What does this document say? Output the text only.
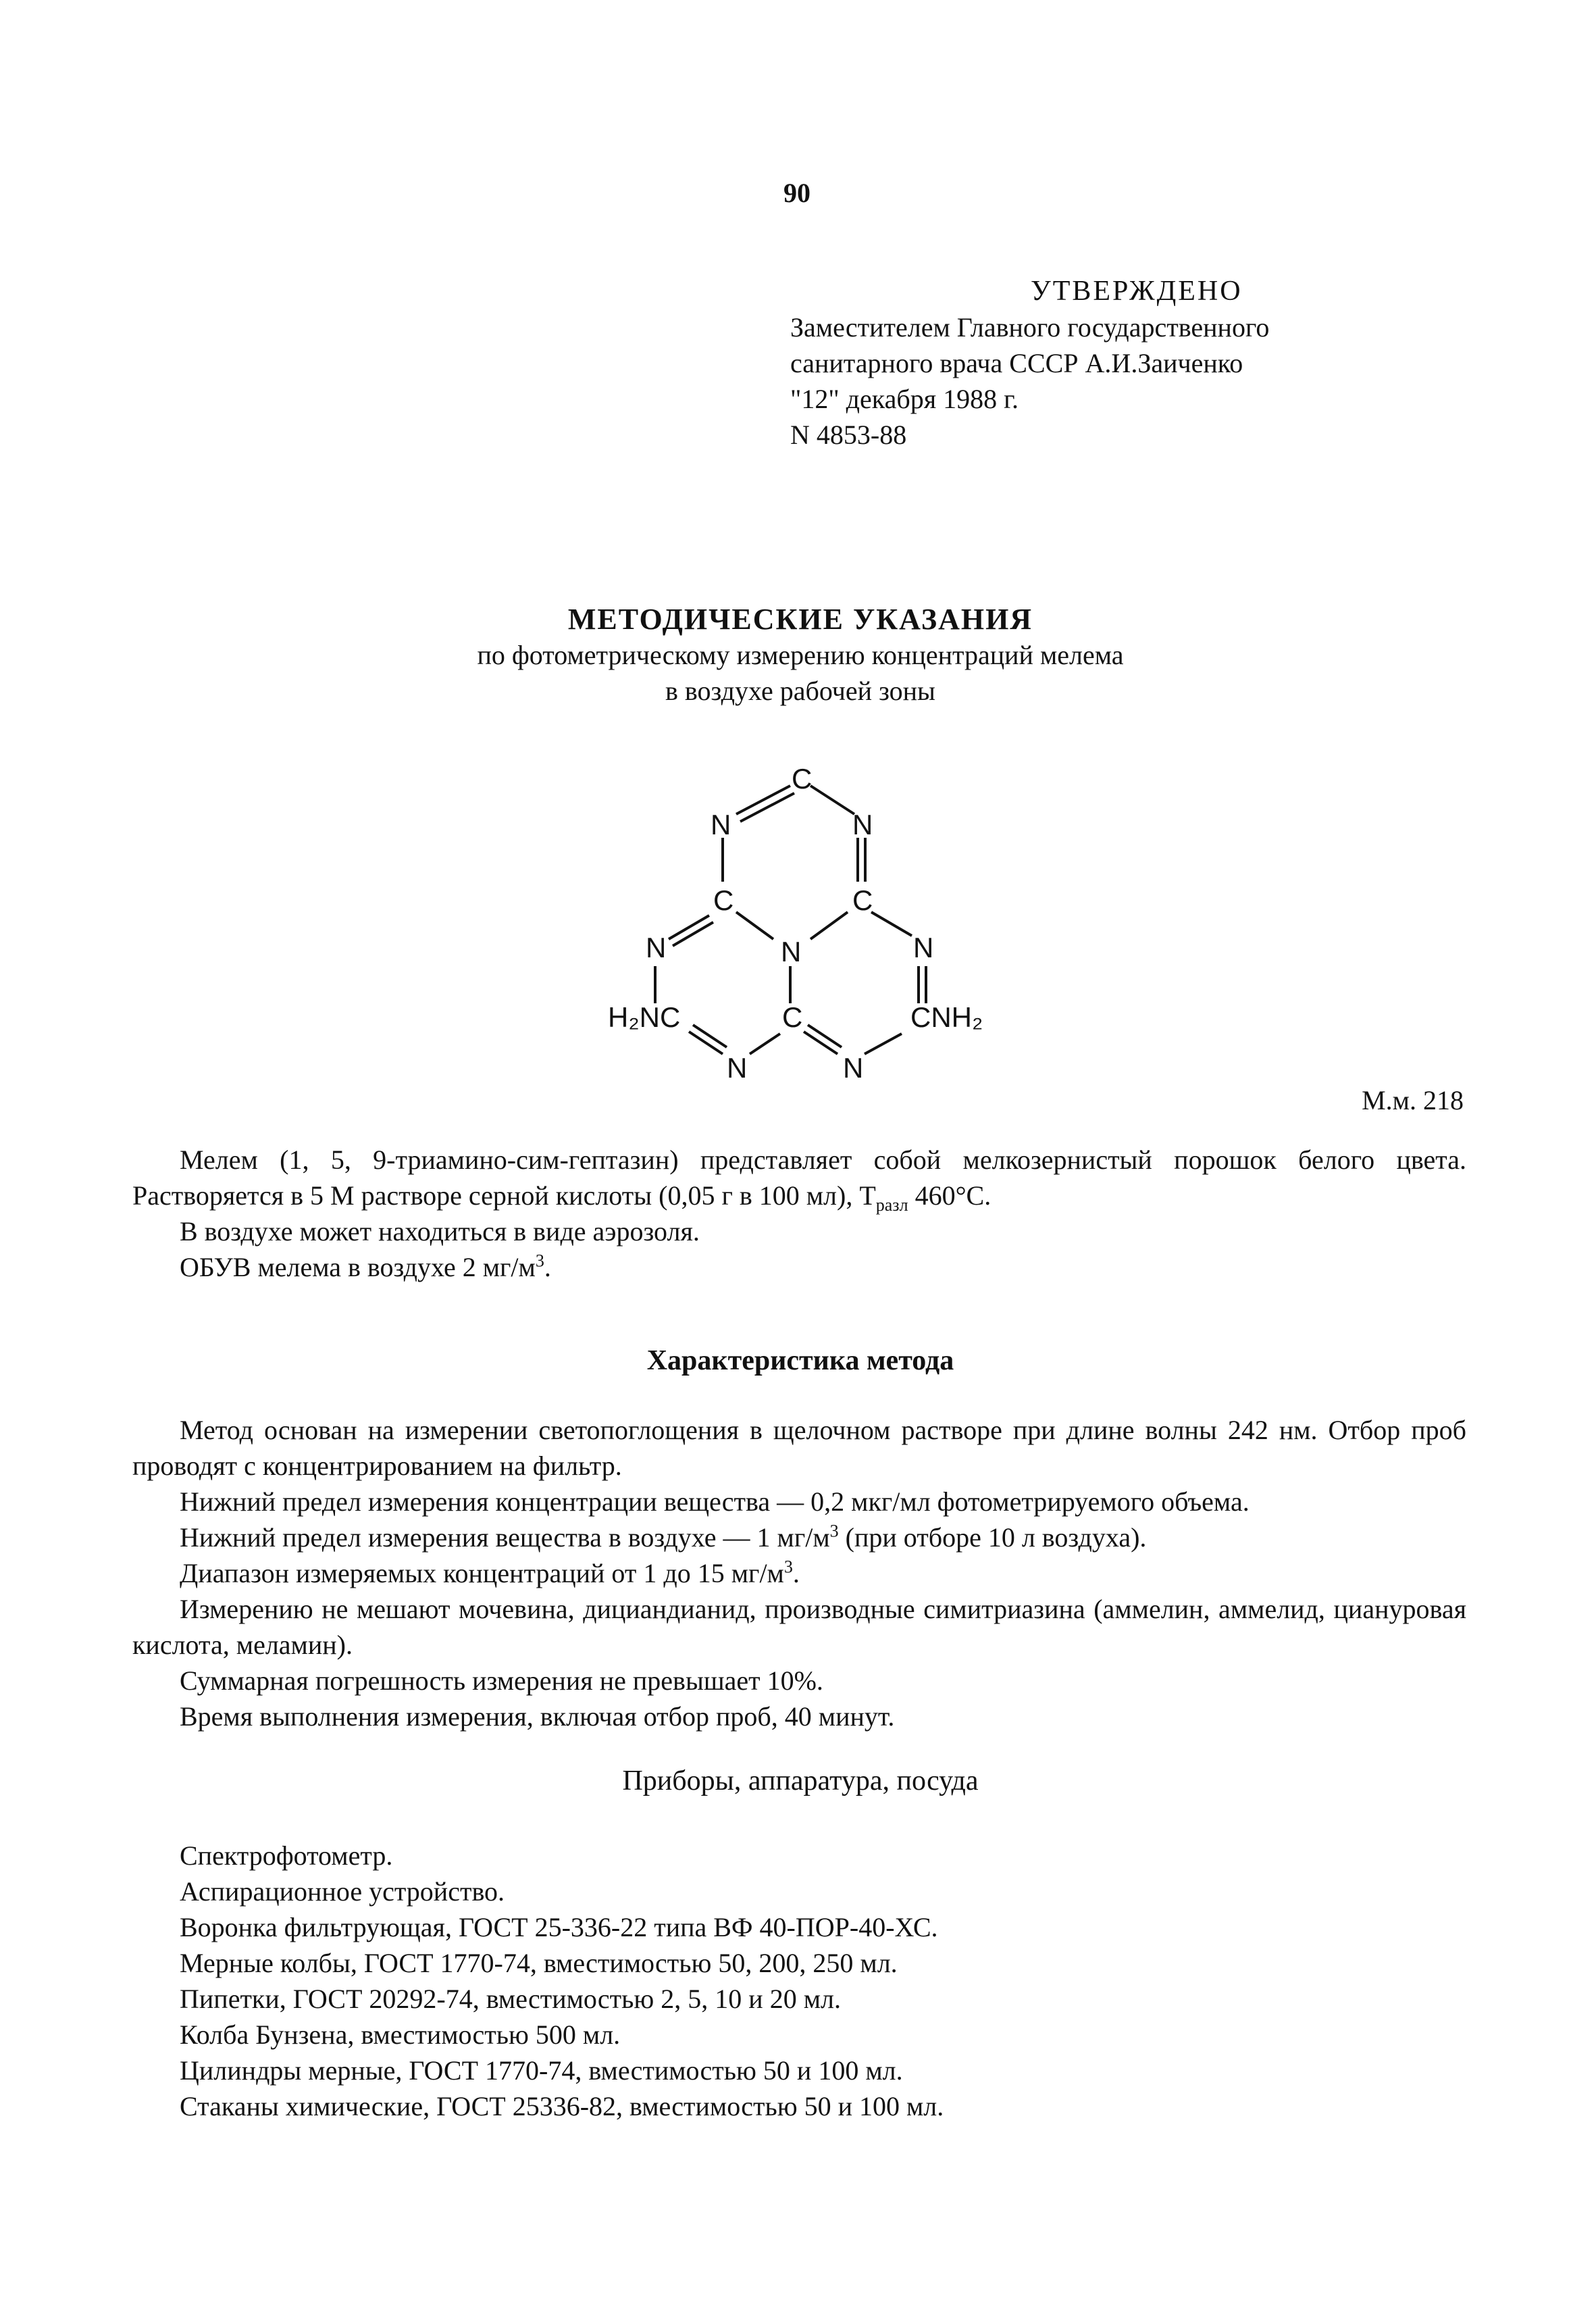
90
УТВЕРЖДЕНО
Заместителем Главного государственного
санитарного врача СССР А.И.Заиченко
"12" декабря 1988 г.
N 4853-88
МЕТОДИЧЕСКИЕ УКАЗАНИЯ
по фотометрическому измерению концентраций мелема
в воздухе рабочей зоны
C
N	N
C	C
N	N	N
H₂NC	C	CNH₂
N	N
М.м. 218

Мелем (1, 5, 9-триамино-сим-гептазин) представляет собой мелкозернистый порошок белого цвета. Растворяется в 5 М растворе серной кислоты (0,05 г в 100 мл), $T_{разл}$ 460°С.

В воздухе может находиться в виде аэрозоля.

ОБУВ мелема в воздухе 2 $мг/м^3$.

Характеристика метода

Метод основан на измерении светопоглощения в щелочном растворе при длине волны 242 нм. Отбор проб проводят с концентрированием на фильтр.

Нижний предел измерения концентрации вещества — 0,2 мкг/мл фотометрируемого объема.

Нижний предел измерения вещества в воздухе — 1 $мг/м^3$ (при отборе 10 л воздуха).

Диапазон измеряемых концентраций от 1 до 15 $мг/м^3$.

Измерению не мешают мочевина, дициандианид, производные симитриазина (аммелин, аммелид, циануровая кислота, меламин).

Суммарная погрешность измерения не превышает 10%.

Время выполнения измерения, включая отбор проб, 40 минут.

Приборы, аппаратура, посуда
Спектрофотометр.
Аспирационное устройство.
Воронка фильтрующая, ГОСТ 25-336-22 типа ВФ 40-ПОР-40-ХС.
Мерные колбы, ГОСТ 1770-74, вместимостью 50, 200, 250 мл.
Пипетки, ГОСТ 20292-74, вместимостью 2, 5, 10 и 20 мл.
Колба Бунзена, вместимостью 500 мл.
Цилиндры мерные, ГОСТ 1770-74, вместимостью 50 и 100 мл.
Стаканы химические, ГОСТ 25336-82, вместимостью 50 и 100 мл.
